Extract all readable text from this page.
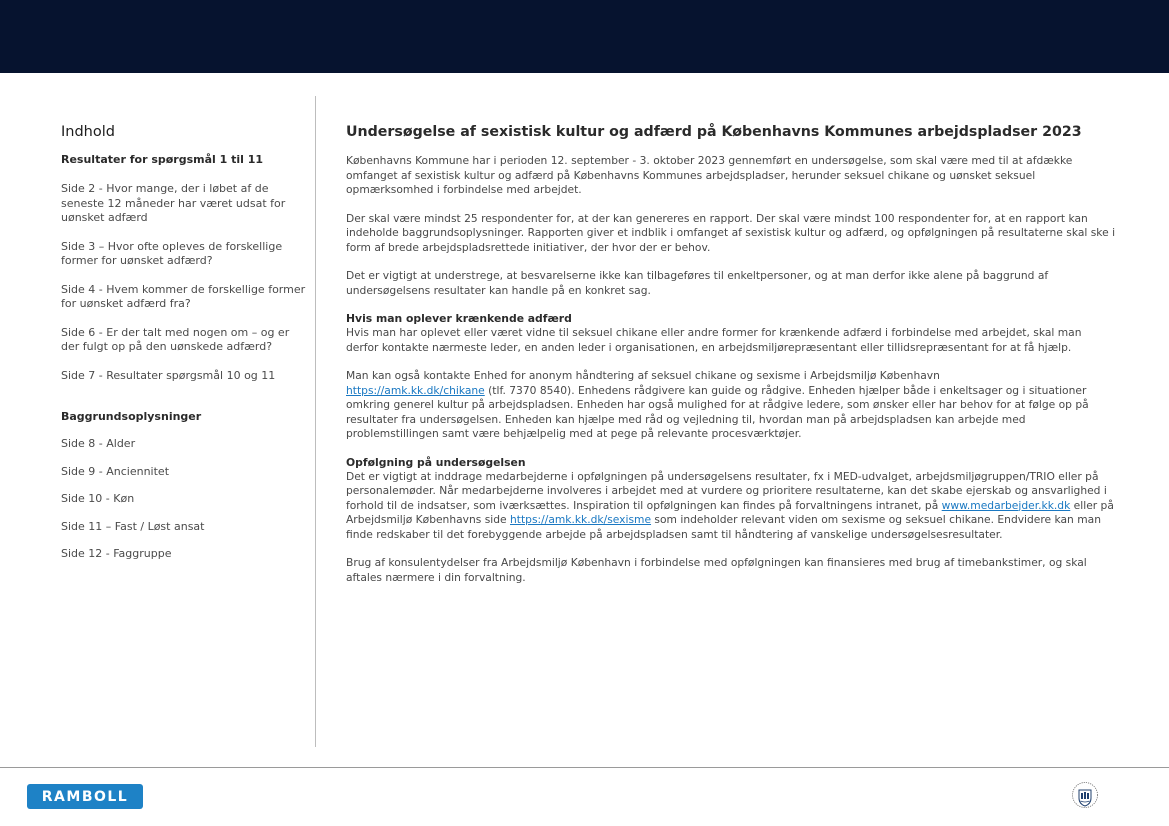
Indhold
Resultater for spørgsmål 1 til 11
Side 2 - Hvor mange, der i løbet af de seneste 12 måneder har været udsat for uønsket adfærd
Side 3 – Hvor ofte opleves de forskellige former for uønsket adfærd?
Side 4 - Hvem kommer de forskellige former for uønsket adfærd fra?
Side 6 - Er der talt med nogen om – og er der fulgt op på den uønskede adfærd?
Side 7 - Resultater spørgsmål 10 og 11
Baggrundsoplysninger
Side 8 - Alder
Side 9 - Anciennitet
Side 10 - Køn
Side 11 – Fast / Løst ansat
Side 12 - Faggruppe
Undersøgelse af sexistisk kultur og adfærd på Københavns Kommunes arbejdspladser 2023

Københavns Kommune har i perioden 12. september - 3. oktober 2023 gennemført en undersøgelse, som skal være med til at afdække omfanget af sexistisk kultur og adfærd på Københavns Kommunes arbejdspladser, herunder seksuel chikane og uønsket seksuel opmærksomhed i forbindelse med arbejdet.

Der skal være mindst 25 respondenter for, at der kan genereres en rapport. Der skal være mindst 100 respondenter for, at en rapport kan indeholde baggrundsoplysninger. Rapporten giver et indblik i omfanget af sexistisk kultur og adfærd, og opfølgningen på resultaterne skal ske i form af brede arbejdspladsrettede initiativer, der hvor der er behov.

Det er vigtigt at understrege, at besvarelserne ikke kan tilbageføres til enkeltpersoner, og at man derfor ikke alene på baggrund af undersøgelsens resultater kan handle på en konkret sag.

Hvis man oplever krænkende adfærd

Hvis man har oplevet eller været vidne til seksuel chikane eller andre former for krænkende adfærd i forbindelse med arbejdet, skal man derfor kontakte nærmeste leder, en anden leder i organisationen, en arbejdsmiljørepræsentant eller tillidsrepræsentant for at få hjælp.

Man kan også kontakte Enhed for anonym håndtering af seksuel chikane og sexisme i Arbejdsmiljø København
https://amk.kk.dk/chikane (tlf. 7370 8540). Enhedens rådgivere kan guide og rådgive. Enheden hjælper både i enkeltsager og i situationer omkring generel kultur på arbejdspladsen. Enheden har også mulighed for at rådgive ledere, som ønsker eller har behov for at følge op på resultater fra undersøgelsen. Enheden kan hjælpe med råd og vejledning til, hvordan man på arbejdspladsen kan arbejde med problemstillingen samt være behjælpelig med at pege på relevante procesværktøjer.

Opfølgning på undersøgelsen

Det er vigtigt at inddrage medarbejderne i opfølgningen på undersøgelsens resultater, fx i MED-udvalget, arbejdsmiljøgruppen/TRIO eller på personalemøder. Når medarbejderne involveres i arbejdet med at vurdere og prioritere resultaterne, kan det skabe ejerskab og ansvarlighed i forhold til de indsatser, som iværksættes. Inspiration til opfølgningen kan findes på forvaltningens intranet, på www.medarbejder.kk.dk eller på Arbejdsmiljø Københavns side https://amk.kk.dk/sexisme som indeholder relevant viden om sexisme og seksuel chikane. Endvidere kan man finde redskaber til det forebyggende arbejde på arbejdspladsen samt til håndtering af vanskelige undersøgelsesresultater.

Brug af konsulentydelser fra Arbejdsmiljø København i forbindelse med opfølgningen kan finansieres med brug af timebankstimer, og skal aftales nærmere i din forvaltning.

RAMBOLL
